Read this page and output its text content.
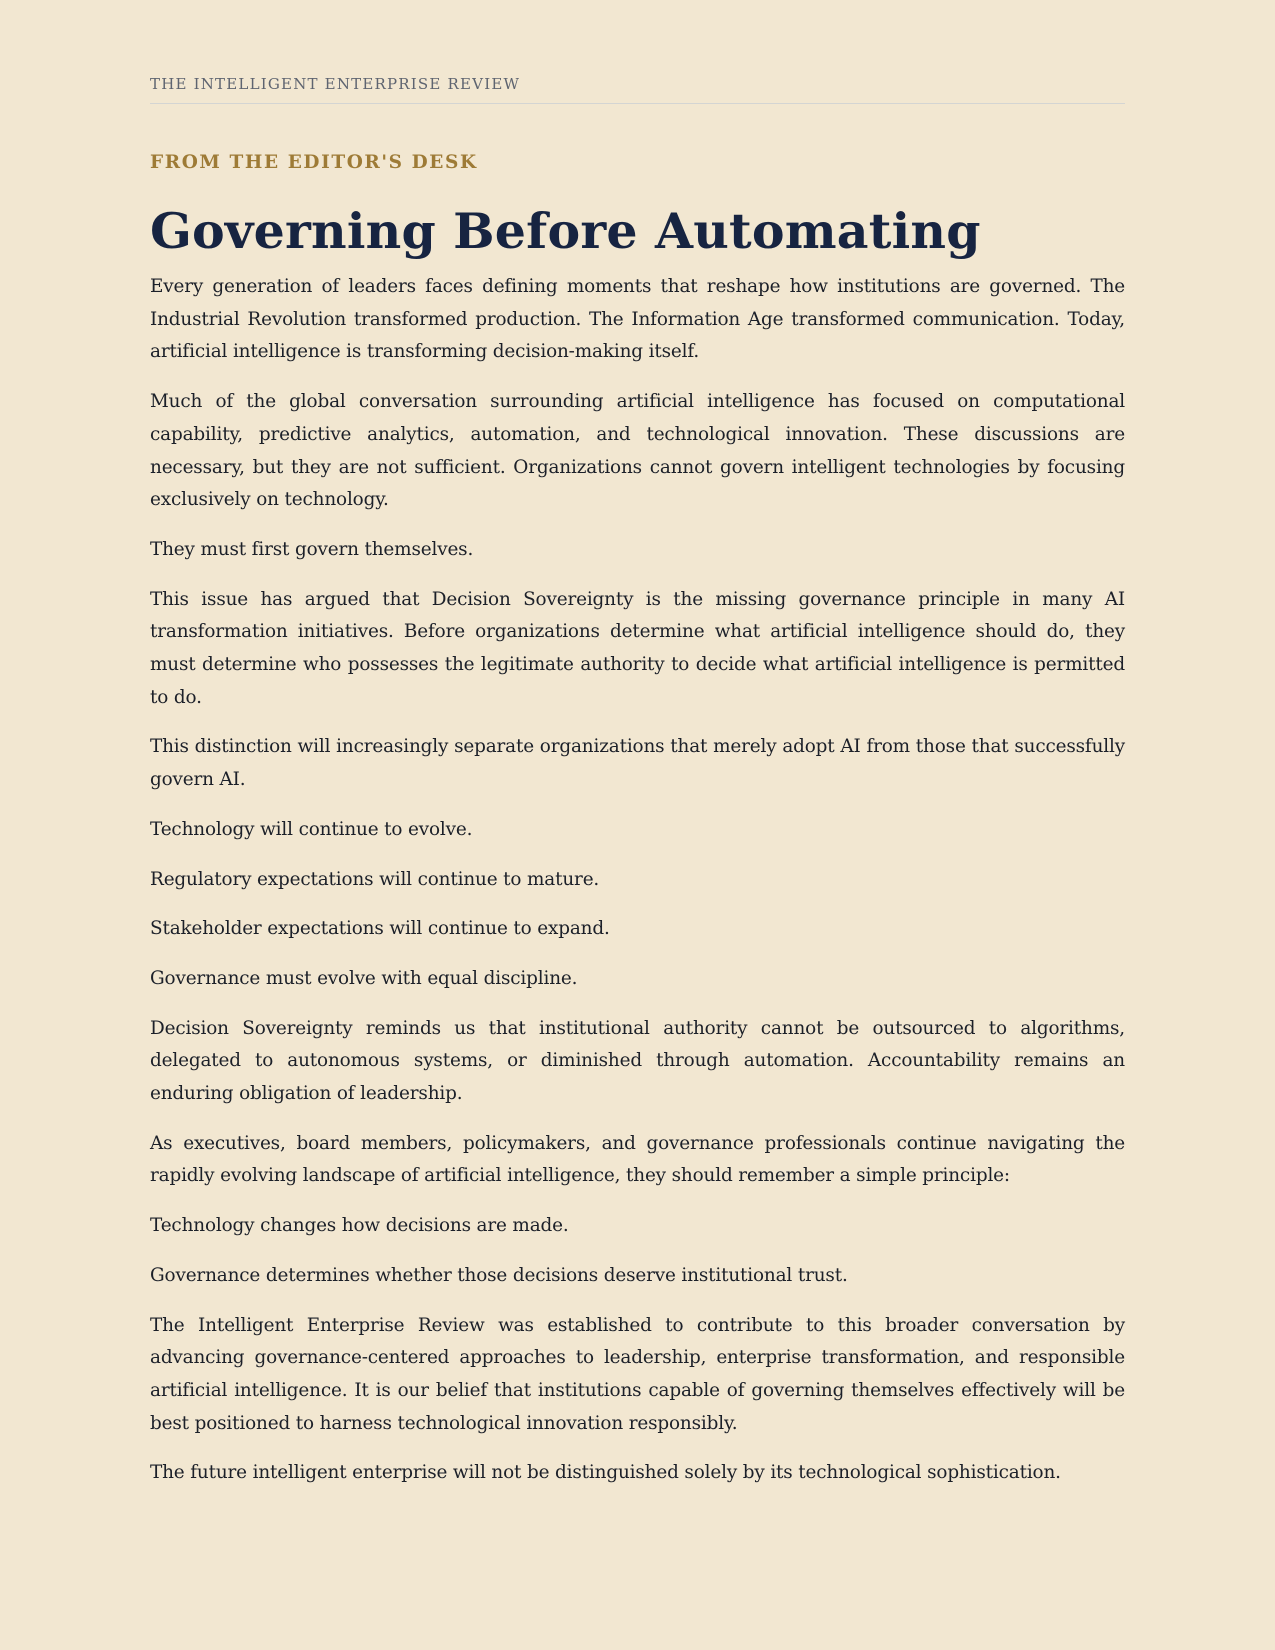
THE INTELLIGENT ENTERPRISE REVIEW
FROM THE EDITOR'S DESK
Governing Before Automating

Every generation of leaders faces defining moments that reshape how institutions are governed. The Industrial Revolution transformed production. The Information Age transformed communication. Today, artificial intelligence is transforming decision-making itself.

Much of the global conversation surrounding artificial intelligence has focused on computational capability, predictive analytics, automation, and technological innovation. These discussions are necessary, but they are not sufficient. Organizations cannot govern intelligent technologies by focusing exclusively on technology.

They must first govern themselves.

This issue has argued that Decision Sovereignty is the missing governance principle in many AI transformation initiatives. Before organizations determine what artificial intelligence should do, they must determine who possesses the legitimate authority to decide what artificial intelligence is permitted to do.

This distinction will increasingly separate organizations that merely adopt AI from those that successfully govern AI.

Technology will continue to evolve.

Regulatory expectations will continue to mature.

Stakeholder expectations will continue to expand.

Governance must evolve with equal discipline.

Decision Sovereignty reminds us that institutional authority cannot be outsourced to algorithms, delegated to autonomous systems, or diminished through automation. Accountability remains an enduring obligation of leadership.

As executives, board members, policymakers, and governance professionals continue navigating the rapidly evolving landscape of artificial intelligence, they should remember a simple principle:

Technology changes how decisions are made.

Governance determines whether those decisions deserve institutional trust.

The Intelligent Enterprise Review was established to contribute to this broader conversation by advancing governance-centered approaches to leadership, enterprise transformation, and responsible artificial intelligence. It is our belief that institutions capable of governing themselves effectively will be best positioned to harness technological innovation responsibly.

The future intelligent enterprise will not be distinguished solely by its technological sophistication.
